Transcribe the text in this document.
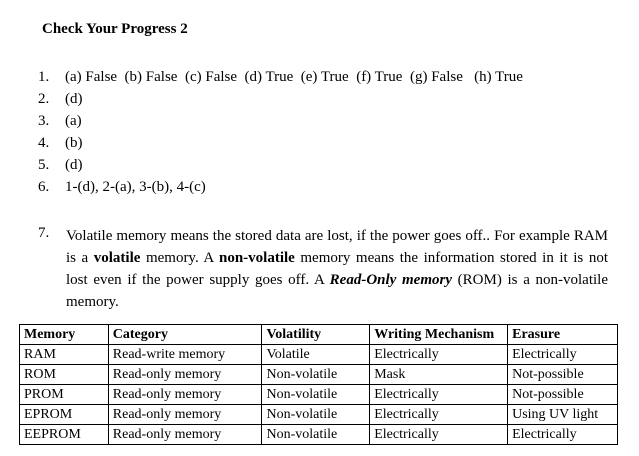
Check Your Progress 2
1. (a) False  (b) False  (c) False  (d) True  (e) True  (f) True  (g) False   (h) True
2. (d)
3. (a)
4. (b)
5. (d)
6. 1-(d), 2-(a), 3-(b), 4-(c)
7. Volatile memory means the stored data are lost, if the power goes off.. For example RAM is a volatile memory. A non-volatile memory means the information stored in it is not lost even if the power supply goes off. A Read-Only memory (ROM) is a non-volatile memory.
Memory	Category	Volatility	Writing Mechanism	Erasure
RAM	Read-write memory	Volatile	Electrically	Electrically
ROM	Read-only memory	Non-volatile	Mask	Not-possible
PROM	Read-only memory	Non-volatile	Electrically	Not-possible
EPROM	Read-only memory	Non-volatile	Electrically	Using UV light
EEPROM	Read-only memory	Non-volatile	Electrically	Electrically
